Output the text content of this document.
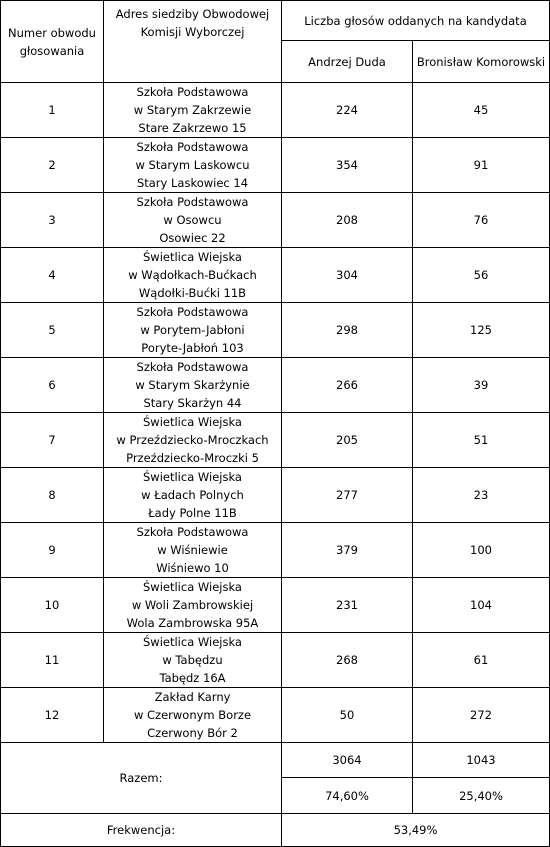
Numer obwodu
głosowania	Adres siedziby Obwodowej
Komisji Wyborczej	Liczba głosów oddanych na kandydata	
		Andrzej Duda	Bronisław Komorowski
1	Szkoła Podstawowa
w Starym Zakrzewie
Stare Zakrzewo 15	224	45
2	Szkoła Podstawowa
w Starym Laskowcu
Stary Laskowiec 14	354	91
3	Szkoła Podstawowa
w Osowcu
Osowiec 22	208	76
4	Świetlica Wiejska
w Wądołkach-Bućkach
Wądołki-Bućki 11B	304	56
5	Szkoła Podstawowa
w Porytem-Jabłoni
Poryte-Jabłoń 103	298	125
6	Szkoła Podstawowa
w Starym Skarżynie
Stary Skarżyn 44	266	39
7	Świetlica Wiejska
w Przeździecko-Mroczkach
Przeździecko-Mroczki 5	205	51
8	Świetlica Wiejska
w Ładach Polnych
Łady Polne 11B	277	23
9	Szkoła Podstawowa
w Wiśniewie
Wiśniewo 10	379	100
10	Świetlica Wiejska
w Woli Zambrowskiej
Wola Zambrowska 95A	231	104
11	Świetlica Wiejska
w Tabędzu
Tabędz 16A	268	61
12	Zakład Karny
w Czerwonym Borze
Czerwony Bór 2	50	272
Razem:		3064	1043
		74,60%	25,40%
Frekwencja:		53,49%	
